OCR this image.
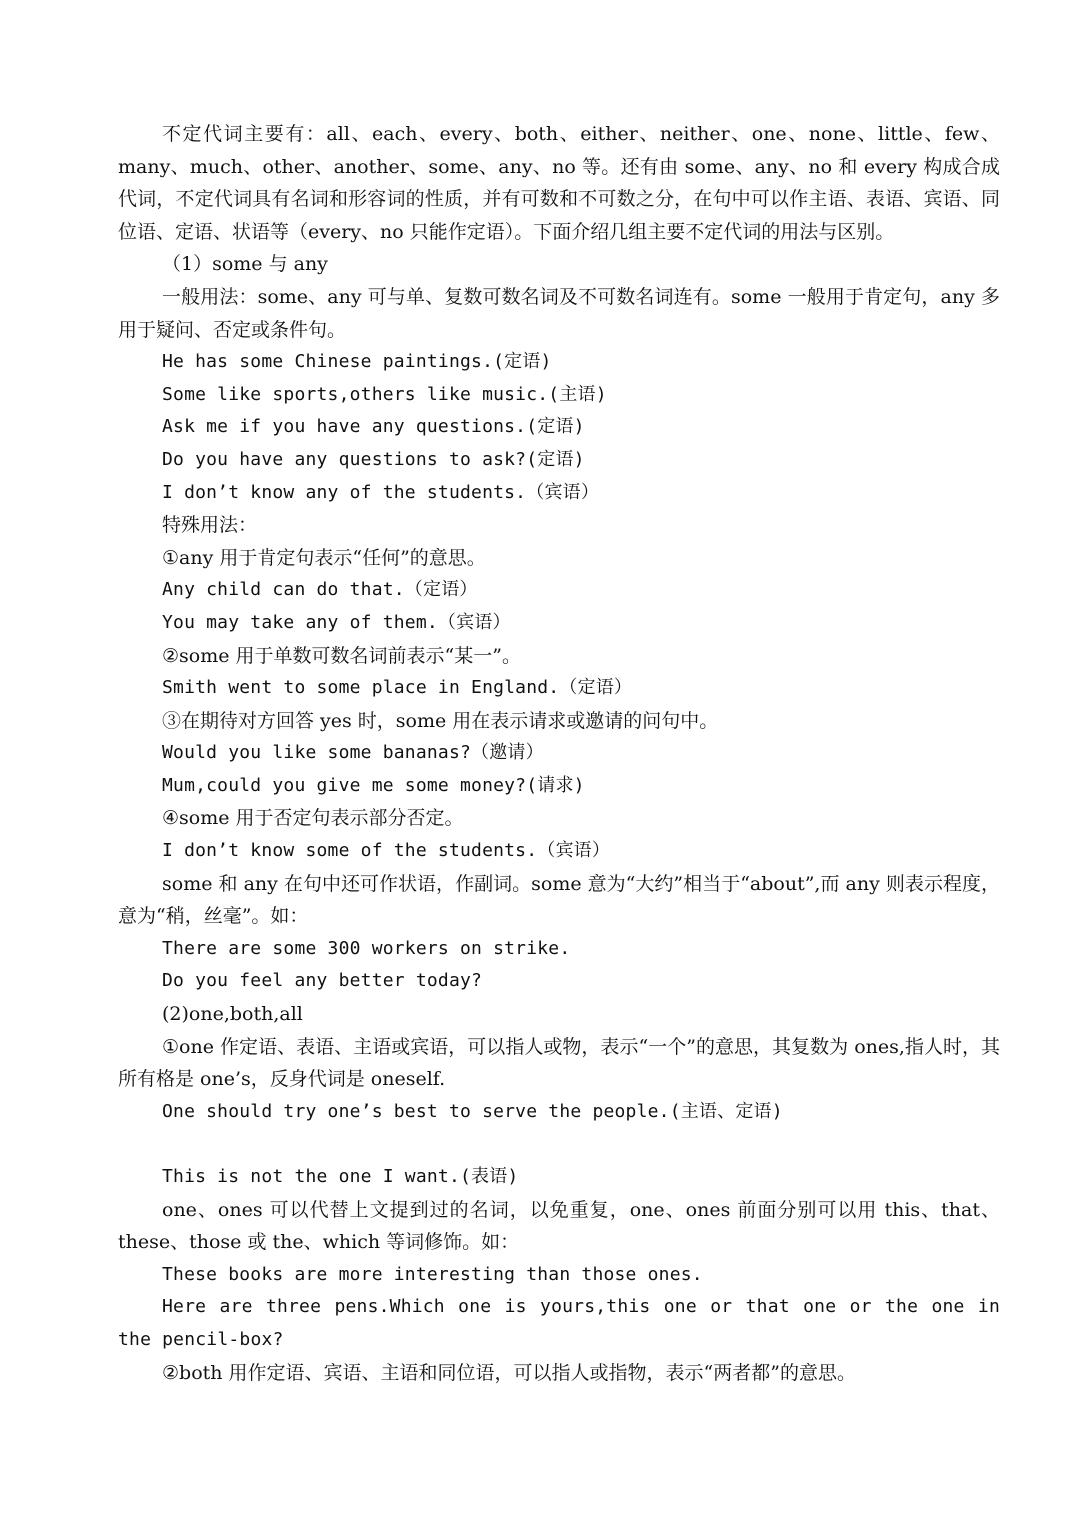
不定代词主要有：all、each、every、both、either、neither、one、none、little、few、many、much、other、another、some、any、no 等。还有由 some、any、no 和 every 构成合成代词，不定代词具有名词和形容词的性质，并有可数和不可数之分，在句中可以作主语、表语、宾语、同位语、定语、状语等（every、no 只能作定语）。下面介绍几组主要不定代词的用法与区别。

（1）some 与 any

一般用法：some、any 可与单、复数可数名词及不可数名词连有。some 一般用于肯定句，any 多用于疑问、否定或条件句。

He has some Chinese paintings.(定语)

Some like sports,others like music.(主语)

Ask me if you have any questions.(定语)

Do you have any questions to ask?(定语)

I don’t know any of the students.（宾语）

特殊用法：

①any 用于肯定句表示“任何”的意思。

Any child can do that.（定语）

You may take any of them.（宾语）

②some 用于单数可数名词前表示“某一”。

Smith went to some place in England.（定语）

③在期待对方回答 yes 时，some 用在表示请求或邀请的问句中。

Would you like some bananas?（邀请）

Mum,could you give me some money?(请求)

④some 用于否定句表示部分否定。

I don’t know some of the students.（宾语）

some 和 any 在句中还可作状语，作副词。some 意为“大约”相当于“about”,而 any 则表示程度，意为“稍，丝毫”。如：

There are some 300 workers on strike.

Do you feel any better today?

(2)one,both,all

①one 作定语、表语、主语或宾语，可以指人或物，表示“一个”的意思，其复数为 ones,指人时，其所有格是 one’s，反身代词是 oneself.

One should try one’s best to serve the people.(主语、定语)

This is not the one I want.(表语)

one、ones 可以代替上文提到过的名词，以免重复，one、ones 前面分别可以用 this、that、these、those 或 the、which 等词修饰。如：

These books are more interesting than those ones.

Here are three pens.Which one is yours,this one or that one or the one in the pencil-box?

②both 用作定语、宾语、主语和同位语，可以指人或指物，表示“两者都”的意思。
